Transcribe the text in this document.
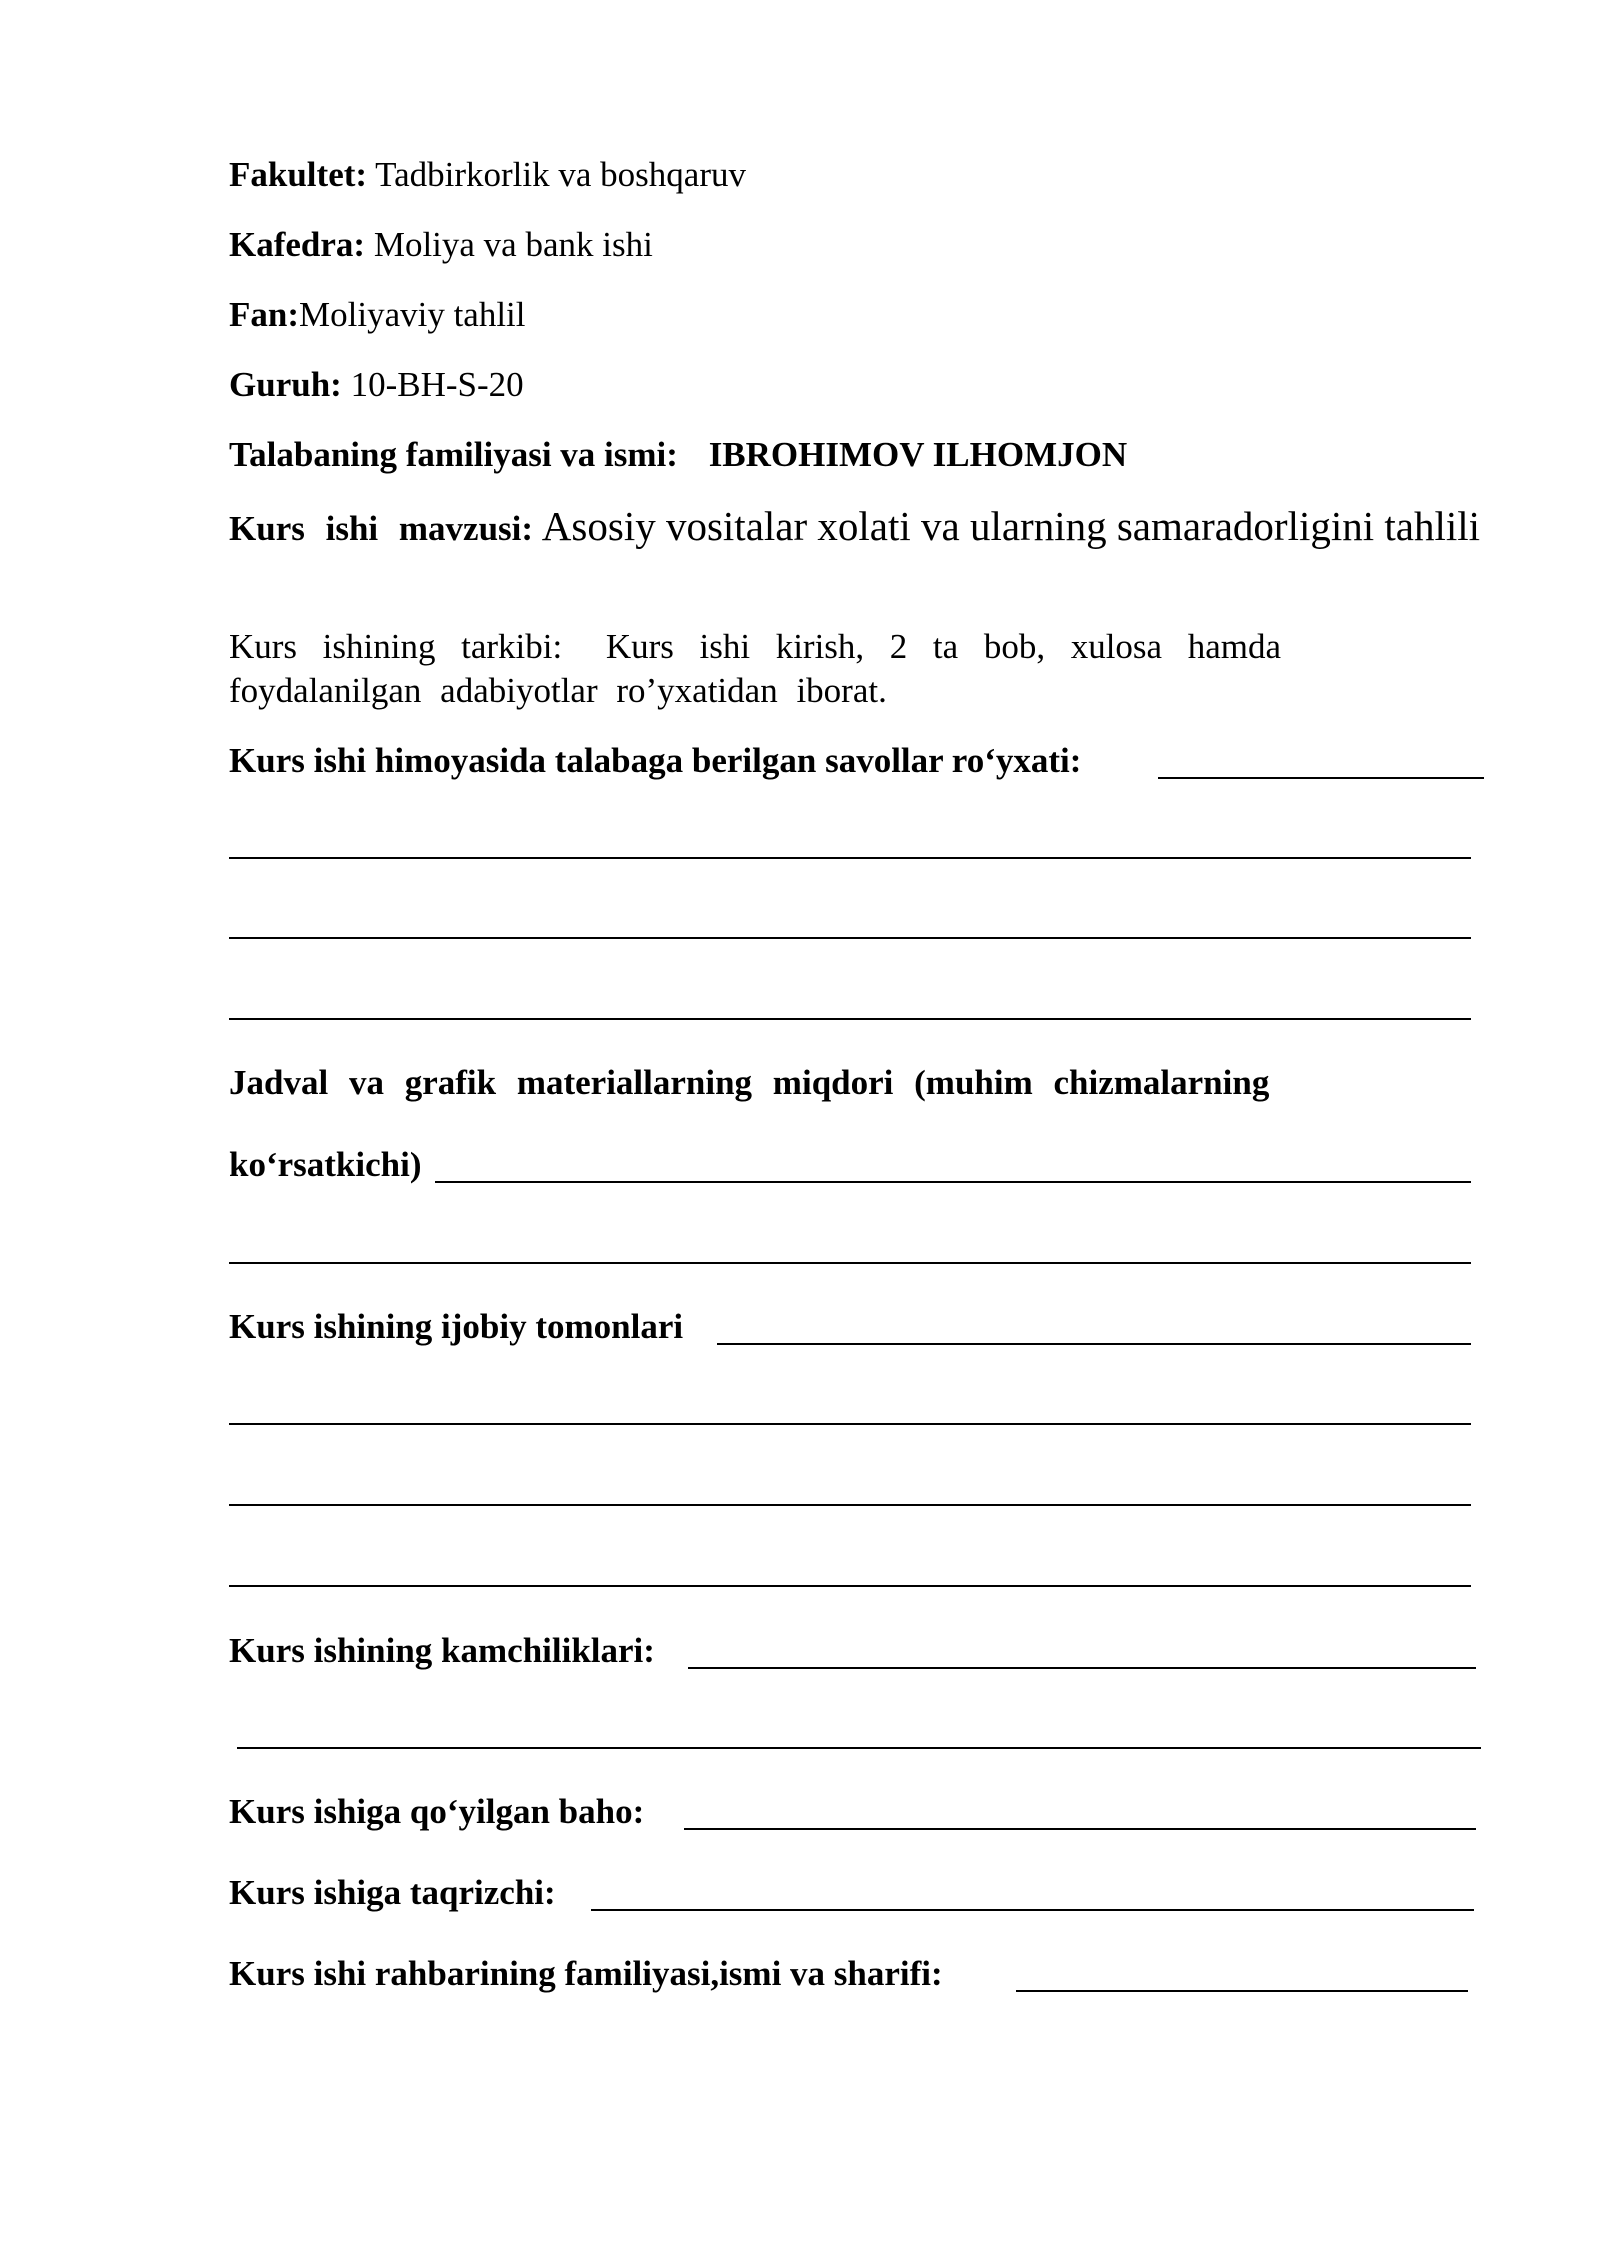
Fakultet: Tadbirkorlik va boshqaruv
Kafedra: Moliya va bank ishi
Fan:Moliyaviy tahlil
Guruh: 10-BH-S-20
Talabaning familiyasi va ismi: IBROHIMOV ILHOMJON
Kurs ishi mavzusi: Asosiy vositalar xolati va ularning samaradorligini tahlili
Kurs ishining tarkibi: Kurs ishi kirish, 2 ta bob, xulosa hamda foydalanilgan adabiyotlar ro’yxatidan iborat.
Kurs ishi himoyasida talabaga berilgan savollar ro‘yxati:
Jadval va grafik materiallarning miqdori (muhim chizmalarning
ko‘rsatkichi)
Kurs ishining ijobiy tomonlari
Kurs ishining kamchiliklari:
Kurs ishiga qo‘yilgan baho:
Kurs ishiga taqrizchi:
Kurs ishi rahbarining familiyasi,ismi va sharifi:
